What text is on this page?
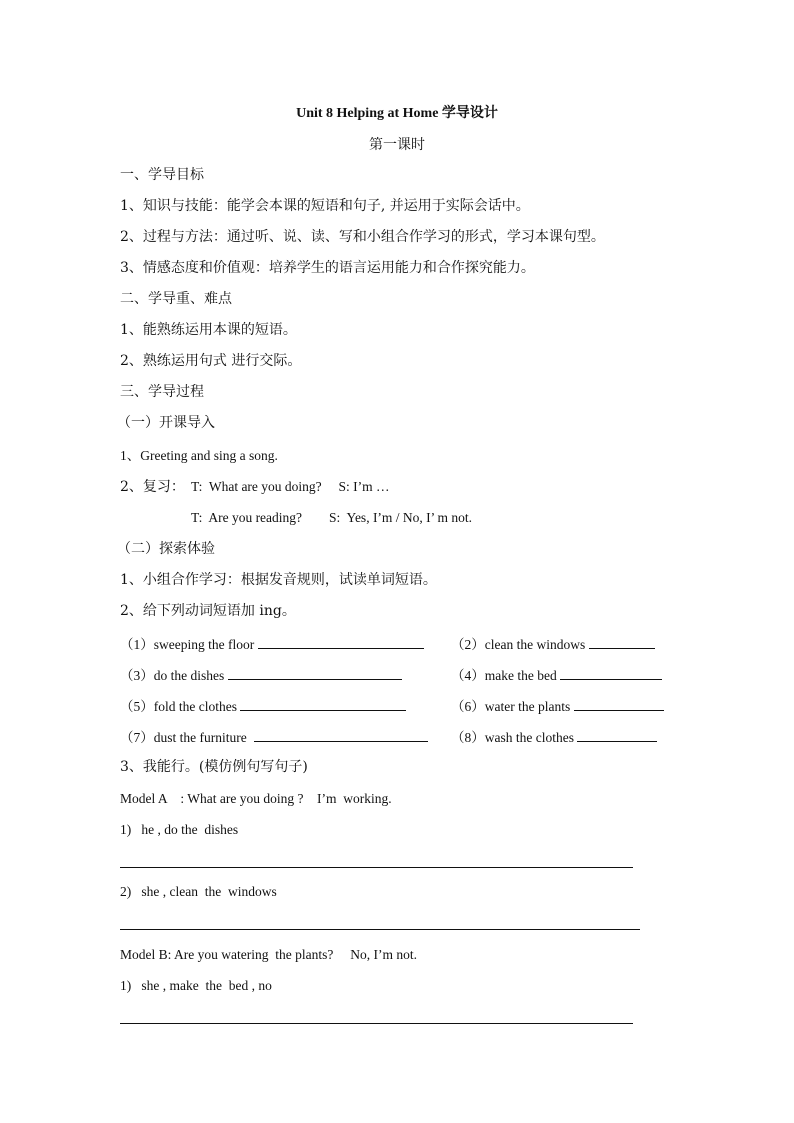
Unit 8 Helping at Home 学导设计
第一课时
一、学导目标
1、知识与技能：能学会本课的短语和句子, 并运用于实际会话中。
2、过程与方法：通过听、说、读、写和小组合作学习的形式，学习本课句型。
3、情感态度和价值观：培养学生的语言运用能力和合作探究能力。
二、学导重、难点
1、能熟练运用本课的短语。
2、熟练运用句式 进行交际。
三、学导过程
（一）开课导入
1、Greeting and sing a song.
2、复习： T:  What are you doing?     S: I’m …
T:  Are you reading?        S:  Yes, I’m / No, I’ m not.
（二）探索体验
1、小组合作学习：根据发音规则，试读单词短语。
2、给下列动词短语加 ing。
（1）sweeping the floor	（2）clean the windows
（3）do the dishes	（4）make the bed
（5）fold the clothes	（6）water the plants
（7）dust the furniture	（8）wash the clothes
3、我能行。(模仿例句写句子)
Model A    : What are you doing ?    I’m  working.
1)   he , do the  dishes
2)   she , clean  the  windows
Model B: Are you watering  the plants?     No, I’m not.
1)   she , make  the  bed , no
